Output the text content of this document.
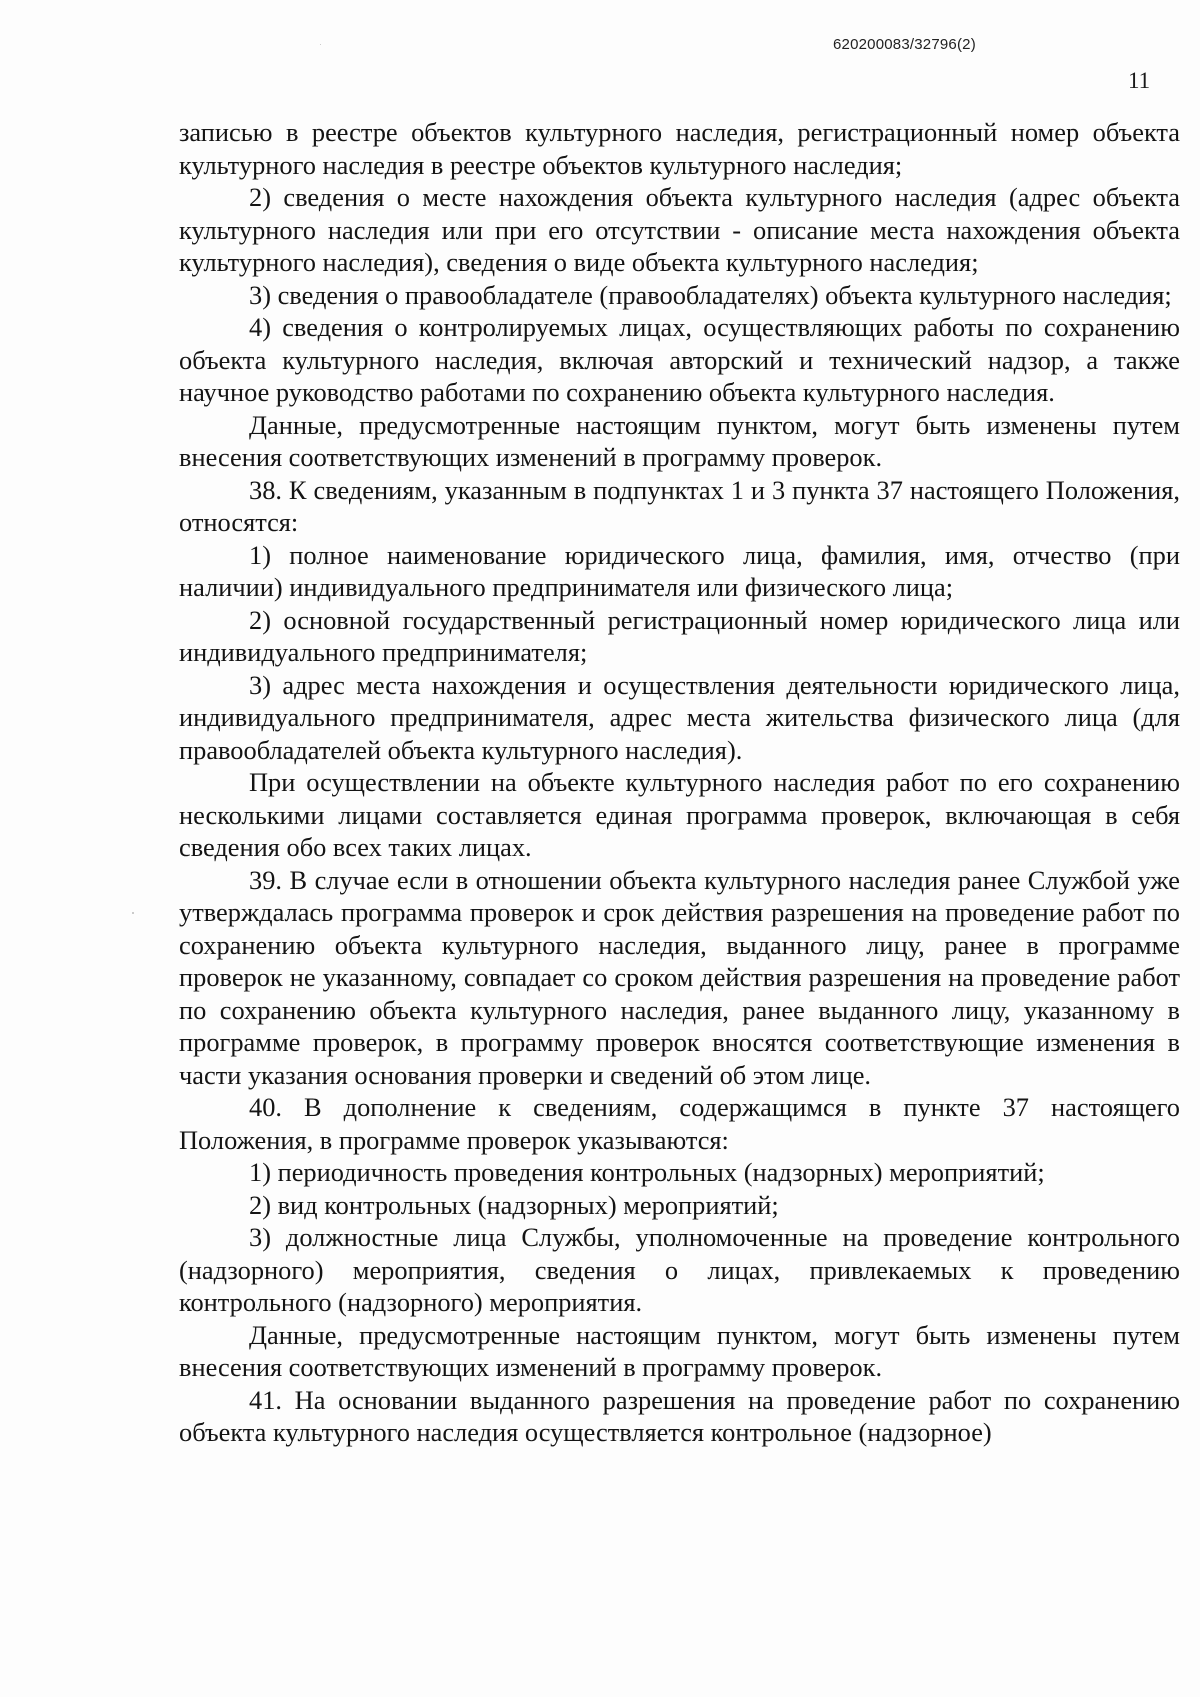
620200083/32796(2)
11

записью в реестре объектов культурного наследия, регистрационный номер объекта культурного наследия в реестре объектов культурного наследия;

2) сведения о месте нахождения объекта культурного наследия (адрес объекта культурного наследия или при его отсутствии - описание места нахождения объекта культурного наследия), сведения о виде объекта культурного наследия;

3) сведения о правообладателе (правообладателях) объекта культурного наследия;

4) сведения о контролируемых лицах, осуществляющих работы по сохранению объекта культурного наследия, включая авторский и технический надзор, а также научное руководство работами по сохранению объекта культурного наследия.

Данные, предусмотренные настоящим пунктом, могут быть изменены путем внесения соответствующих изменений в программу проверок.

38. К сведениям, указанным в подпунктах 1 и 3 пункта 37 настоящего Положения, относятся:

1) полное наименование юридического лица, фамилия, имя, отчество (при наличии) индивидуального предпринимателя или физического лица;

2) основной государственный регистрационный номер юридического лица или индивидуального предпринимателя;

3) адрес места нахождения и осуществления деятельности юридического лица, индивидуального предпринимателя, адрес места жительства физического лица (для правообладателей объекта культурного наследия).

При осуществлении на объекте культурного наследия работ по его сохранению несколькими лицами составляется единая программа проверок, включающая в себя сведения обо всех таких лицах.

39. В случае если в отношении объекта культурного наследия ранее Службой уже утверждалась программа проверок и срок действия разрешения на проведение работ по сохранению объекта культурного наследия, выданного лицу, ранее в программе проверок не указанному, совпадает со сроком действия разрешения на проведение работ по сохранению объекта культурного наследия, ранее выданного лицу, указанному в программе проверок, в программу проверок вносятся соответствующие изменения в части указания основания проверки и сведений об этом лице.

40. В дополнение к сведениям, содержащимся в пункте 37 настоящего Положения, в программе проверок указываются:

1) периодичность проведения контрольных (надзорных) мероприятий;

2) вид контрольных (надзорных) мероприятий;

3) должностные лица Службы, уполномоченные на проведение контрольного (надзорного) мероприятия, сведения о лицах, привлекаемых к проведению контрольного (надзорного) мероприятия.

Данные, предусмотренные настоящим пунктом, могут быть изменены путем внесения соответствующих изменений в программу проверок.

41. На основании выданного разрешения на проведение работ по сохранению объекта культурного наследия осуществляется контрольное (надзорное)
